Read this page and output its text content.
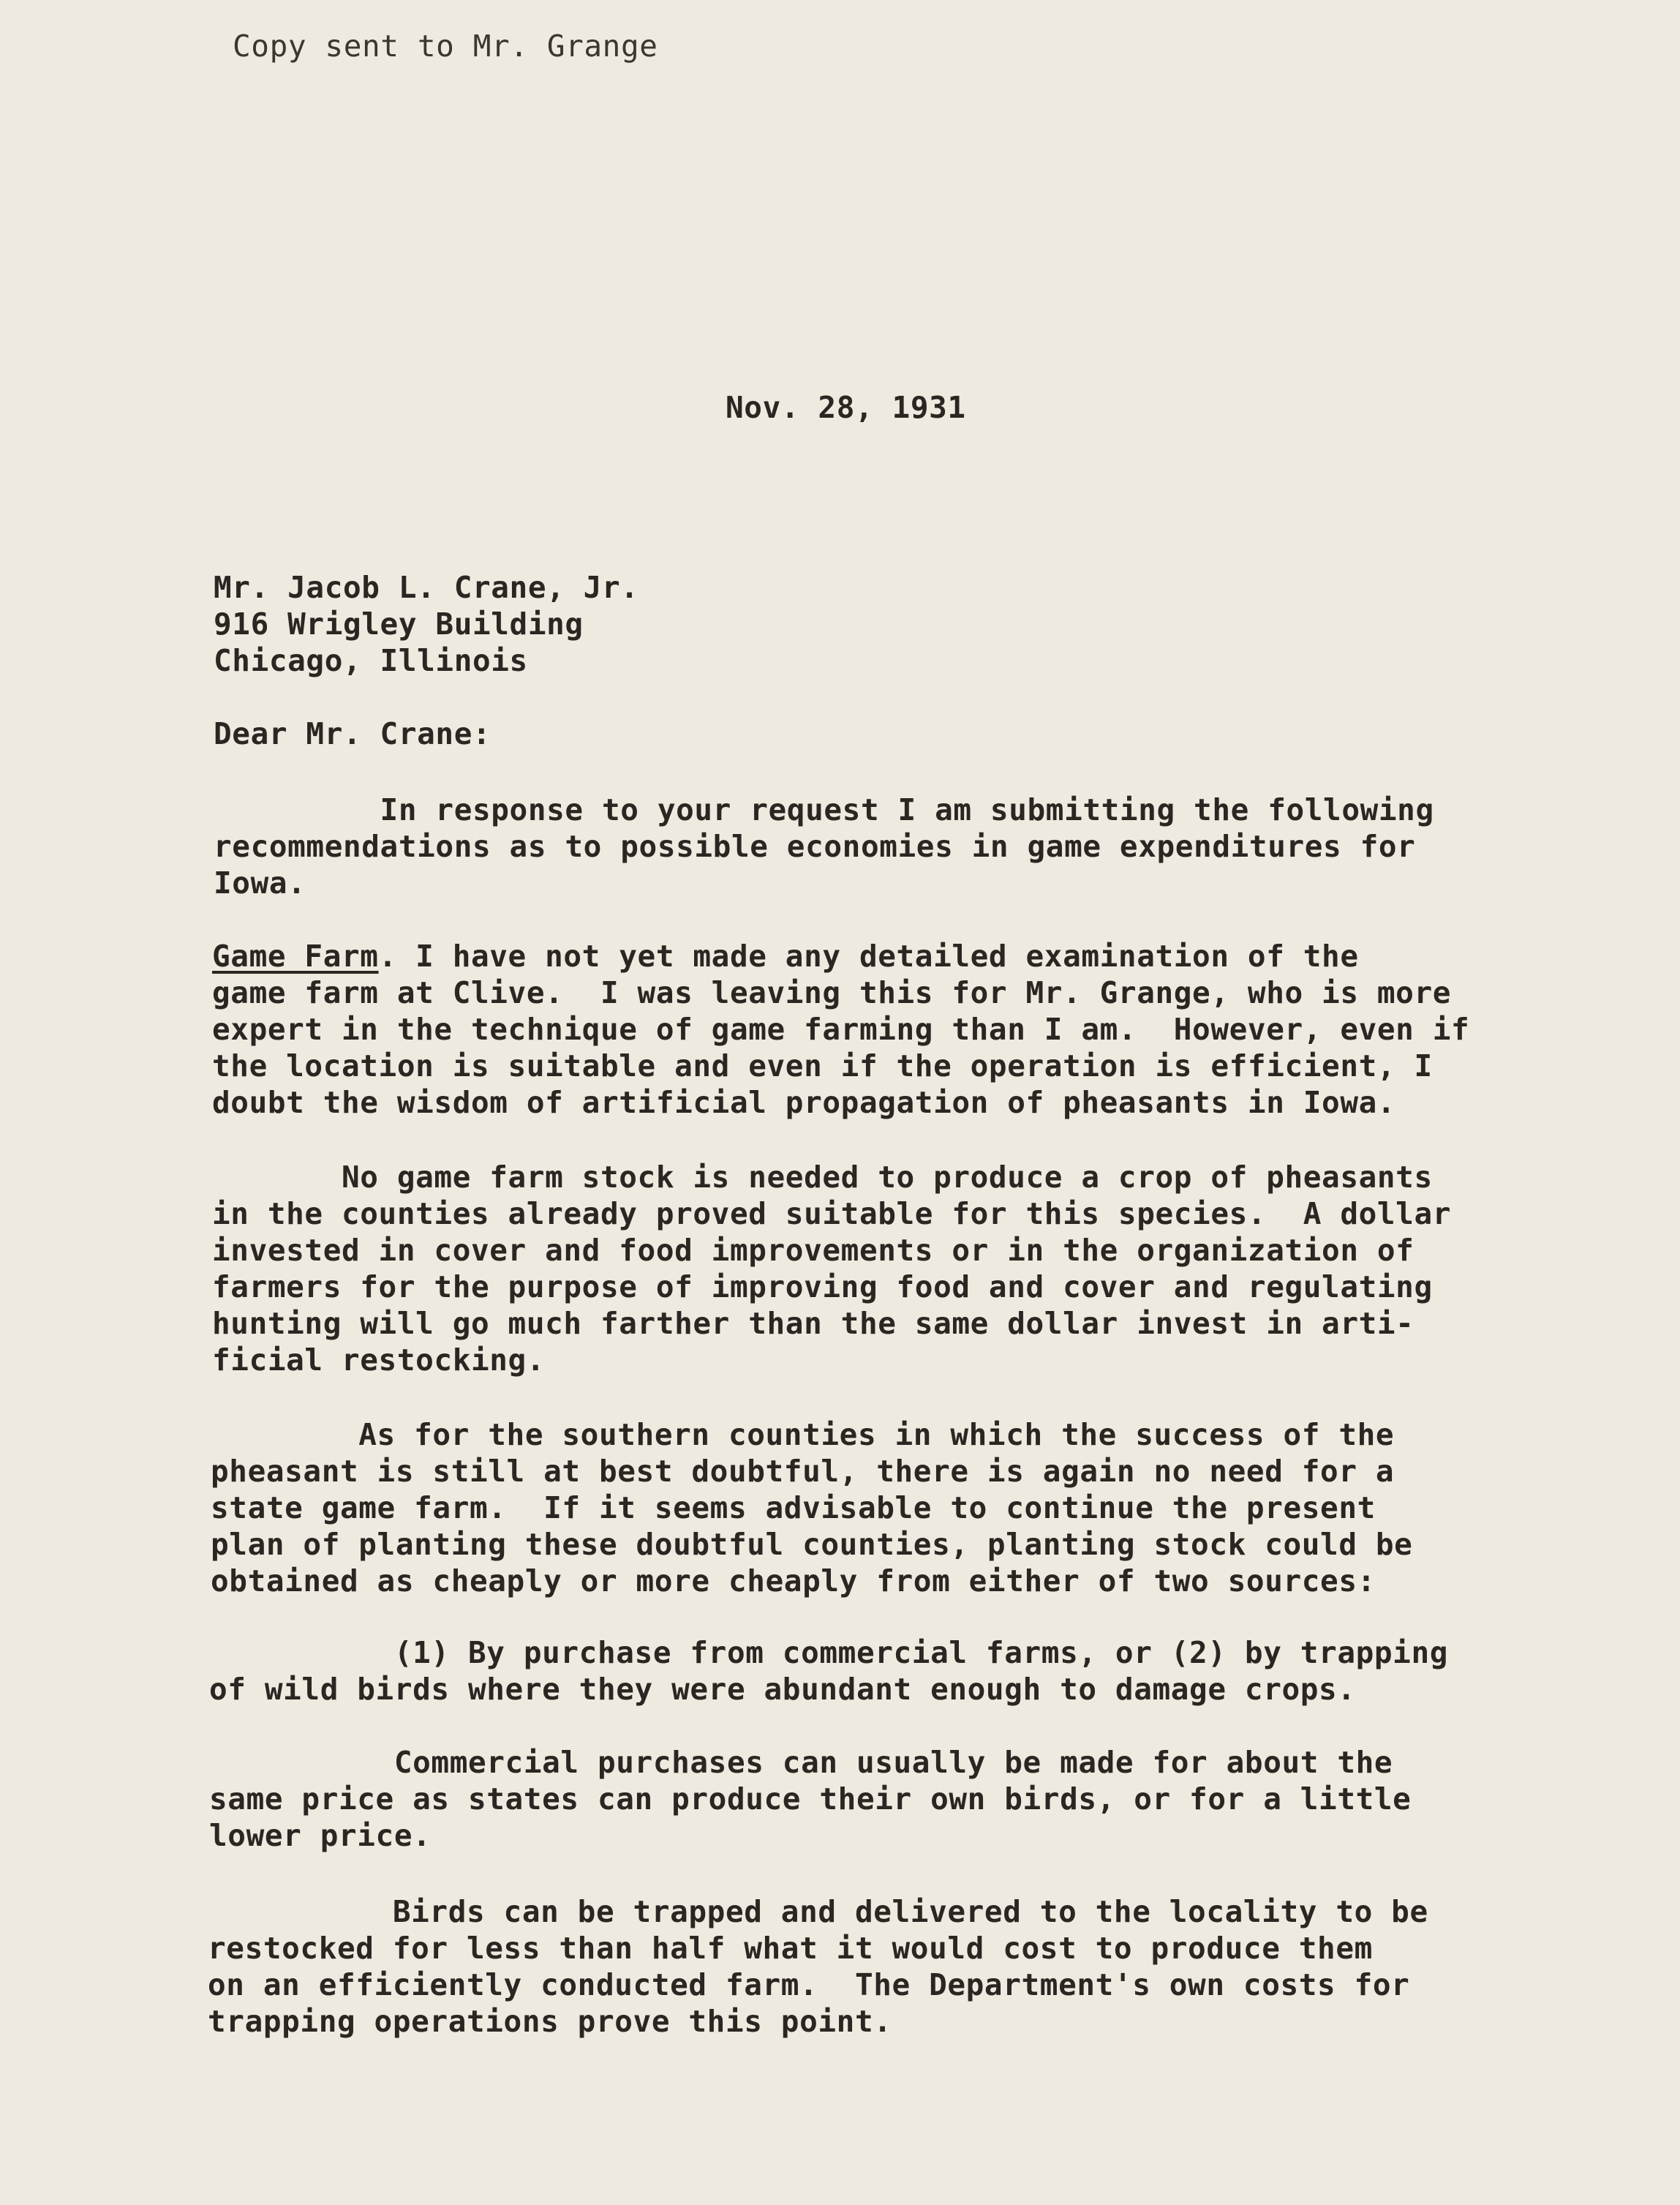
Copy sent to Mr. Grange

Nov. 28, 1931

Mr. Jacob L. Crane, Jr.

916 Wrigley Building

Chicago, Illinois

Dear Mr. Crane:

In response to your request I am submitting the following

recommendations as to possible economies in game expenditures for

Iowa.

Game Farm. I have not yet made any detailed examination of the

game farm at Clive.  I was leaving this for Mr. Grange, who is more

expert in the technique of game farming than I am.  However, even if

the location is suitable and even if the operation is efficient, I

doubt the wisdom of artificial propagation of pheasants in Iowa.

No game farm stock is needed to produce a crop of pheasants

in the counties already proved suitable for this species.  A dollar

invested in cover and food improvements or in the organization of

farmers for the purpose of improving food and cover and regulating

hunting will go much farther than the same dollar invest in arti-

ficial restocking.

As for the southern counties in which the success of the

pheasant is still at best doubtful, there is again no need for a

state game farm.  If it seems advisable to continue the present

plan of planting these doubtful counties, planting stock could be

obtained as cheaply or more cheaply from either of two sources:

(1) By purchase from commercial farms, or (2) by trapping

of wild birds where they were abundant enough to damage crops.

Commercial purchases can usually be made for about the

same price as states can produce their own birds, or for a little

lower price.

Birds can be trapped and delivered to the locality to be

restocked for less than half what it would cost to produce them

on an efficiently conducted farm.  The Department's own costs for

trapping operations prove this point.
